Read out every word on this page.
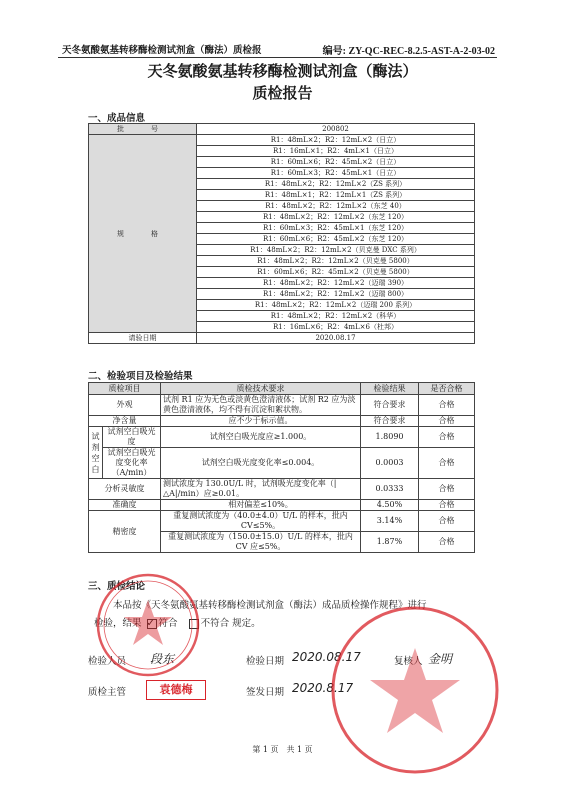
天冬氨酸氨基转移酶检测试剂盒（酶法）质检报	编号: ZY-QC-REC-8.2.5-AST-A-2-03-02
天冬氨酸氨基转移酶检测试剂盒（酶法）
质检报告
一、成品信息
批　号	200802
规　格	R1：48mL×2；R2：12mL×2（日立）
	R1：16mL×1；R2：4mL×1（日立）
	R1：60mL×6；R2：45mL×2（日立）
	R1：60mL×3；R2：45mL×1（日立）
	R1：48mL×2；R2：12mL×2（ZS 系列）
	R1：48mL×1；R2：12mL×1（ZS 系列）
	R1：48mL×2；R2：12mL×2（东芝 40）
	R1：48mL×2；R2：12mL×2（东芝 120）
	R1：60mL×3；R2：45mL×1（东芝 120）
	R1：60mL×6；R2：45mL×2（东芝 120）
	R1：48mL×2；R2：12mL×2（贝克曼 DXC 系列）
	R1：48mL×2；R2：12mL×2（贝克曼 5800）
	R1：60mL×6；R2：45mL×2（贝克曼 5800）
	R1：48mL×2；R2：12mL×2（迈瑞 390）
	R1：48mL×2；R2：12mL×2（迈瑞 800）
	R1：48mL×2；R2：12mL×2（迈瑞 200 系列）
	R1：48mL×2；R2：12mL×2（科华）
	R1：16mL×6；R2：4mL×6（杜邦）
请验日期	2020.08.17
二、检验项目及检验结果
质检项目		质检技术要求	检验结果	是否合格
外观		试剂 R1 应为无色或淡黄色澄清液体；试剂 R2 应为淡黄色澄清液体，均不得有沉淀和絮状物。	符合要求	合格
净含量		应不少于标示值。	符合要求	合格
试剂空白	试剂空白吸光度	试剂空白吸光度应≥1.000。	1.8090	合格
	试剂空白吸光度变化率（A/min）	试剂空白吸光度变化率≤0.004。	0.0003	合格
分析灵敏度		测试浓度为 130.0U/L 时，试剂吸光度变化率（|△A|/min）应≥0.01。	0.0333	合格
准确度		相对偏差≤10%。	4.50%	合格
精密度		重复测试浓度为（40.0±4.0）U/L 的样本，批内 CV≤5%。	3.14%	合格
		重复测试浓度为（150.0±15.0）U/L 的样本，批内 CV 应≤5%。	1.87%	合格
三、质检结论
本品按《天冬氨酸氨基转移酶检测试剂盒（酶法）成品质检操作规程》进行
检验，结果 ✓ 符合 不符合 规定。
检验人员 段东	检验日期 2020.08.17	复核人 金明
质检主管	袁德梅	签发日期 2020.8.17
第 1 页　共 1 页
